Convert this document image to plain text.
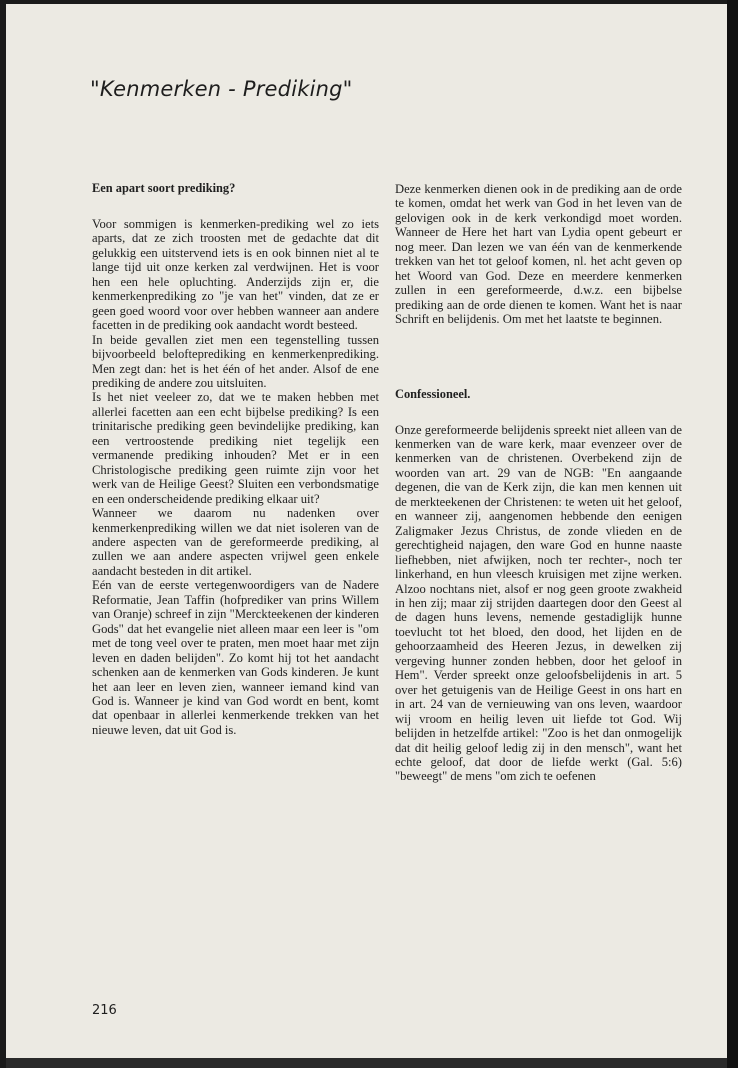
"Kenmerken - Prediking"
Een apart soort prediking?

Voor sommigen is kenmerken-prediking wel zo iets aparts, dat ze zich troosten met de gedachte dat dit gelukkig een uitstervend iets is en ook binnen niet al te lange tijd uit onze kerken zal verdwijnen. Het is voor hen een hele opluchting. Anderzijds zijn er, die kenmerkenprediking zo "je van het" vinden, dat ze er geen goed woord voor over hebben wanneer aan andere facetten in de prediking ook aandacht wordt besteed.

In beide gevallen ziet men een tegenstelling tussen bijvoorbeeld belofteprediking en kenmerkenprediking. Men zegt dan: het is het één of het ander. Alsof de ene prediking de andere zou uitsluiten.

Is het niet veeleer zo, dat we te maken hebben met allerlei facetten aan een echt bijbelse prediking? Is een trinitarische prediking geen bevindelijke prediking, kan een vertroostende prediking niet tegelijk een vermanende prediking inhouden? Met er in een Christologische prediking geen ruimte zijn voor het werk van de Heilige Geest? Sluiten een verbondsmatige en een onderscheidende prediking elkaar uit?

Wanneer we daarom nu nadenken over kenmerkenprediking willen we dat niet isoleren van de andere aspecten van de gereformeerde prediking, al zullen we aan andere aspecten vrijwel geen enkele aandacht besteden in dit artikel.

Eén van de eerste vertegenwoordigers van de Nadere Reformatie, Jean Taffin (hofprediker van prins Willem van Oranje) schreef in zijn "Merckteekenen der kinderen Gods" dat het evangelie niet alleen maar een leer is "om met de tong veel over te praten, men moet haar met zijn leven en daden belijden". Zo komt hij tot het aandacht schenken aan de kenmerken van Gods kinderen. Je kunt het aan leer en leven zien, wanneer iemand kind van God is. Wanneer je kind van God wordt en bent, komt dat openbaar in allerlei kenmerkende trekken van het nieuwe leven, dat uit God is.

Deze kenmerken dienen ook in de prediking aan de orde te komen, omdat het werk van God in het leven van de gelovigen ook in de kerk verkondigd moet worden. Wanneer de Here het hart van Lydia opent gebeurt er nog meer. Dan lezen we van één van de kenmerkende trekken van het tot geloof komen, nl. het acht geven op het Woord van God. Deze en meerdere kenmerken zullen in een gereformeerde, d.w.z. een bijbelse prediking aan de orde dienen te komen. Want het is naar Schrift en belijdenis. Om met het laatste te beginnen.

Confessioneel.

Onze gereformeerde belijdenis spreekt niet alleen van de kenmerken van de ware kerk, maar evenzeer over de kenmerken van de christenen. Overbekend zijn de woorden van art. 29 van de NGB: "En aangaande degenen, die van de Kerk zijn, die kan men kennen uit de merkteekenen der Christenen: te weten uit het geloof, en wanneer zij, aangenomen hebbende den eenigen Zaligmaker Jezus Christus, de zonde vlieden en de gerechtigheid najagen, den ware God en hunne naaste liefhebben, niet afwijken, noch ter rechter-, noch ter linkerhand, en hun vleesch kruisigen met zijne werken. Alzoo nochtans niet, alsof er nog geen groote zwakheid in hen zij; maar zij strijden daartegen door den Geest al de dagen huns levens, nemende gestadiglijk hunne toevlucht tot het bloed, den dood, het lijden en de gehoorzaamheid des Heeren Jezus, in dewelken zij vergeving hunner zonden hebben, door het geloof in Hem". Verder spreekt onze geloofsbelijdenis in art. 5 over het getuigenis van de Heilige Geest in ons hart en in art. 24 van de vernieuwing van ons leven, waardoor wij vroom en heilig leven uit liefde tot God. Wij belijden in hetzelfde artikel: "Zoo is het dan onmogelijk dat dit heilig geloof ledig zij in den mensch", want het echte geloof, dat door de liefde werkt (Gal. 5:6) "beweegt" de mens "om zich te oefenen

216
